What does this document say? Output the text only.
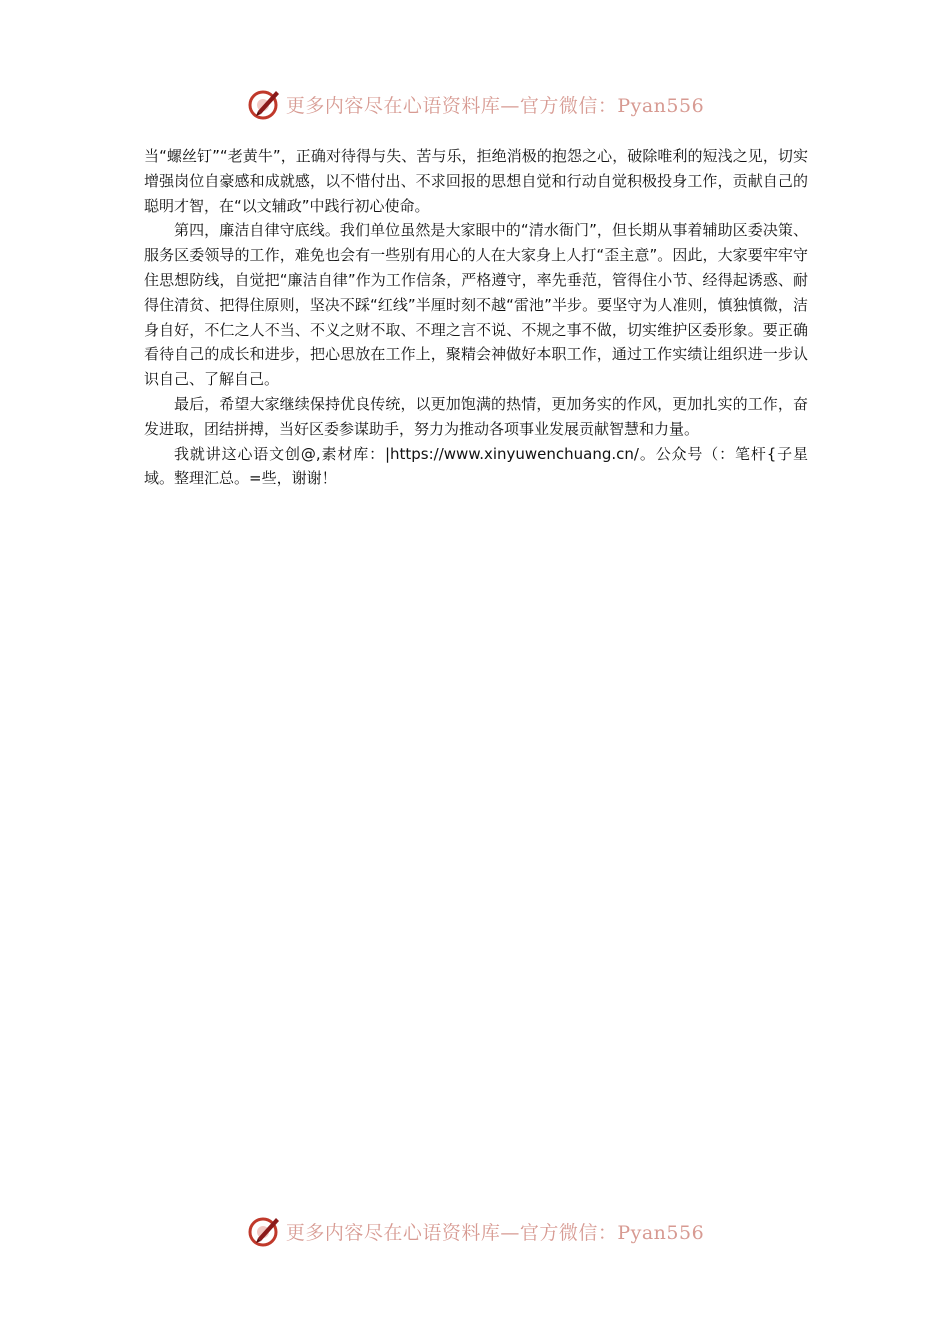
更多内容尽在心语资料库—官方微信：Pyan556

当“螺丝钉”“老黄牛”，正确对待得与失、苦与乐，拒绝消极的抱怨之心，破除唯利的短浅之见，切实增强岗位自豪感和成就感，以不惜付出、不求回报的思想自觉和行动自觉积极投身工作，贡献自己的聪明才智，在“以文辅政”中践行初心使命。

第四，廉洁自律守底线。我们单位虽然是大家眼中的“清水衙门”，但长期从事着辅助区委决策、服务区委领导的工作，难免也会有一些别有用心的人在大家身上人打“歪主意”。因此，大家要牢牢守住思想防线，自觉把“廉洁自律”作为工作信条，严格遵守，率先垂范，管得住小节、经得起诱惑、耐得住清贫、把得住原则，坚决不踩“红线”半厘时刻不越“雷池”半步。要坚守为人准则，慎独慎微，洁身自好，不仁之人不当、不义之财不取、不理之言不说、不规之事不做，切实维护区委形象。要正确看待自己的成长和进步，把心思放在工作上，聚精会神做好本职工作，通过工作实绩让组织进一步认识自己、了解自己。

最后，希望大家继续保持优良传统，以更加饱满的热情，更加务实的作风，更加扎实的工作，奋发进取，团结拼搏，当好区委参谋助手，努力为推动各项事业发展贡献智慧和力量。

我就讲这心语文创@,素材库：|https://www.xinyuwenchuang.cn/。公众号（：笔杆{子星域。整理汇总。=些，谢谢！

更多内容尽在心语资料库—官方微信：Pyan556
